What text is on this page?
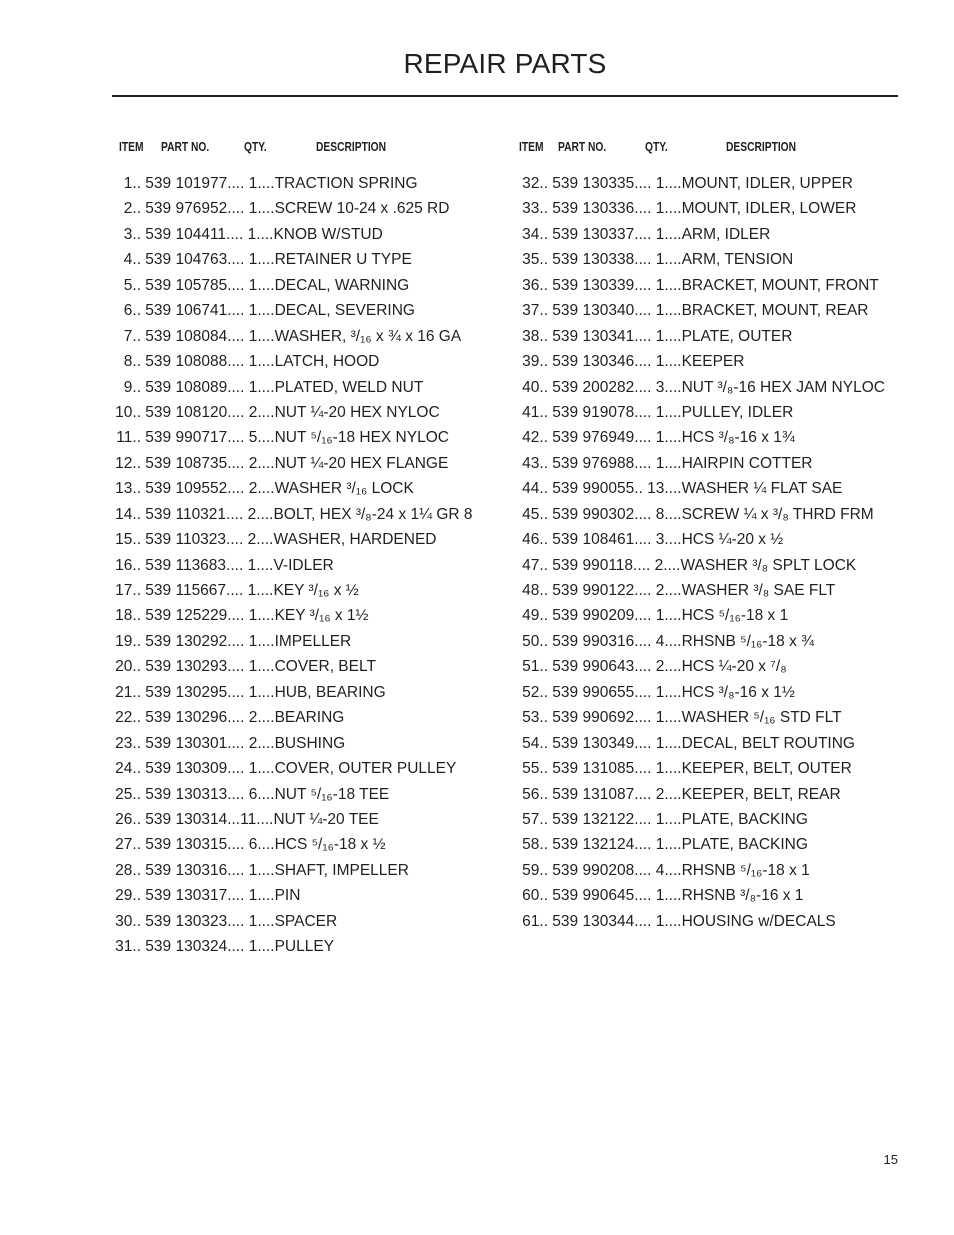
REPAIR PARTS
ITEM PART NO.	QTY.	DESCRIPTION
1.. 539 101977.... 1.... TRACTION SPRING
2.. 539 976952.... 1.... SCREW 10-24 x .625 RD
3.. 539 104411.... 1.... KNOB W/STUD
4.. 539 104763.... 1.... RETAINER U TYPE
5.. 539 105785.... 1.... DECAL, WARNING
6.. 539 106741.... 1.... DECAL, SEVERING
7.. 539 108084.... 1.... WASHER, ³/₁₆ x ¾ x 16 GA
8.. 539 108088.... 1.... LATCH, HOOD
9.. 539 108089.... 1.... PLATED, WELD NUT
10.. 539 108120.... 2.... NUT ¼-20 HEX NYLOC
11.. 539 990717.... 5.... NUT ⁵/₁₆-18 HEX NYLOC
12.. 539 108735.... 2.... NUT ¼-20 HEX FLANGE
13.. 539 109552.... 2.... WASHER ³/₁₆ LOCK
14.. 539 110321.... 2.... BOLT, HEX ³/₈-24 x 1¼ GR 8
15.. 539 110323.... 2.... WASHER, HARDENED
16.. 539 113683.... 1.... V-IDLER
17.. 539 115667.... 1.... KEY ³/₁₆ x ½
18.. 539 125229.... 1.... KEY ³/₁₆ x 1½
19.. 539 130292.... 1.... IMPELLER
20.. 539 130293.... 1.... COVER, BELT
21.. 539 130295.... 1.... HUB, BEARING
22.. 539 130296.... 2.... BEARING
23.. 539 130301.... 2.... BUSHING
24.. 539 130309.... 1.... COVER, OUTER PULLEY
25.. 539 130313.... 6.... NUT ⁵/₁₆-18 TEE
26.. 539 130314... 11.... NUT ¼-20 TEE
27.. 539 130315.... 6.... HCS ⁵/₁₆-18 x ½
28.. 539 130316.... 1.... SHAFT, IMPELLER
29.. 539 130317.... 1.... PIN
30.. 539 130323.... 1.... SPACER
31.. 539 130324.... 1.... PULLEY
ITEM PART NO.	QTY.	DESCRIPTION
32.. 539 130335.... 1.... MOUNT, IDLER, UPPER
33.. 539 130336.... 1.... MOUNT, IDLER, LOWER
34.. 539 130337.... 1.... ARM, IDLER
35.. 539 130338.... 1.... ARM, TENSION
36.. 539 130339.... 1.... BRACKET, MOUNT, FRONT
37.. 539 130340.... 1.... BRACKET, MOUNT, REAR
38.. 539 130341.... 1.... PLATE, OUTER
39.. 539 130346.... 1.... KEEPER
40.. 539 200282.... 3.... NUT ³/₈-16 HEX JAM NYLOC
41.. 539 919078.... 1.... PULLEY, IDLER
42.. 539 976949.... 1.... HCS ³/₈-16 x 1¾
43.. 539 976988.... 1.... HAIRPIN COTTER
44.. 539 990055.. 13.... WASHER ¼ FLAT SAE
45.. 539 990302.... 8.... SCREW ¼ x ³/₈ THRD FRM
46.. 539 108461.... 3.... HCS ¼-20 x ½
47.. 539 990118.... 2.... WASHER ³/₈ SPLT LOCK
48.. 539 990122.... 2.... WASHER ³/₈ SAE FLT
49.. 539 990209.... 1.... HCS ⁵/₁₆-18 x 1
50.. 539 990316.... 4.... RHSNB ⁵/₁₆-18 x ¾
51.. 539 990643.... 2.... HCS ¼-20 x ⁷/₈
52.. 539 990655.... 1.... HCS ³/₈-16 x 1½
53.. 539 990692.... 1.... WASHER ⁵/₁₆ STD FLT
54.. 539 130349.... 1.... DECAL, BELT ROUTING
55.. 539 131085.... 1.... KEEPER, BELT, OUTER
56.. 539 131087.... 2.... KEEPER, BELT, REAR
57.. 539 132122.... 1.... PLATE, BACKING
58.. 539 132124.... 1.... PLATE, BACKING
59.. 539 990208.... 4.... RHSNB ⁵/₁₆-18 x 1
60.. 539 990645.... 1.... RHSNB ³/₈-16 x 1
61.. 539 130344.... 1.... HOUSING w/DECALS
15
